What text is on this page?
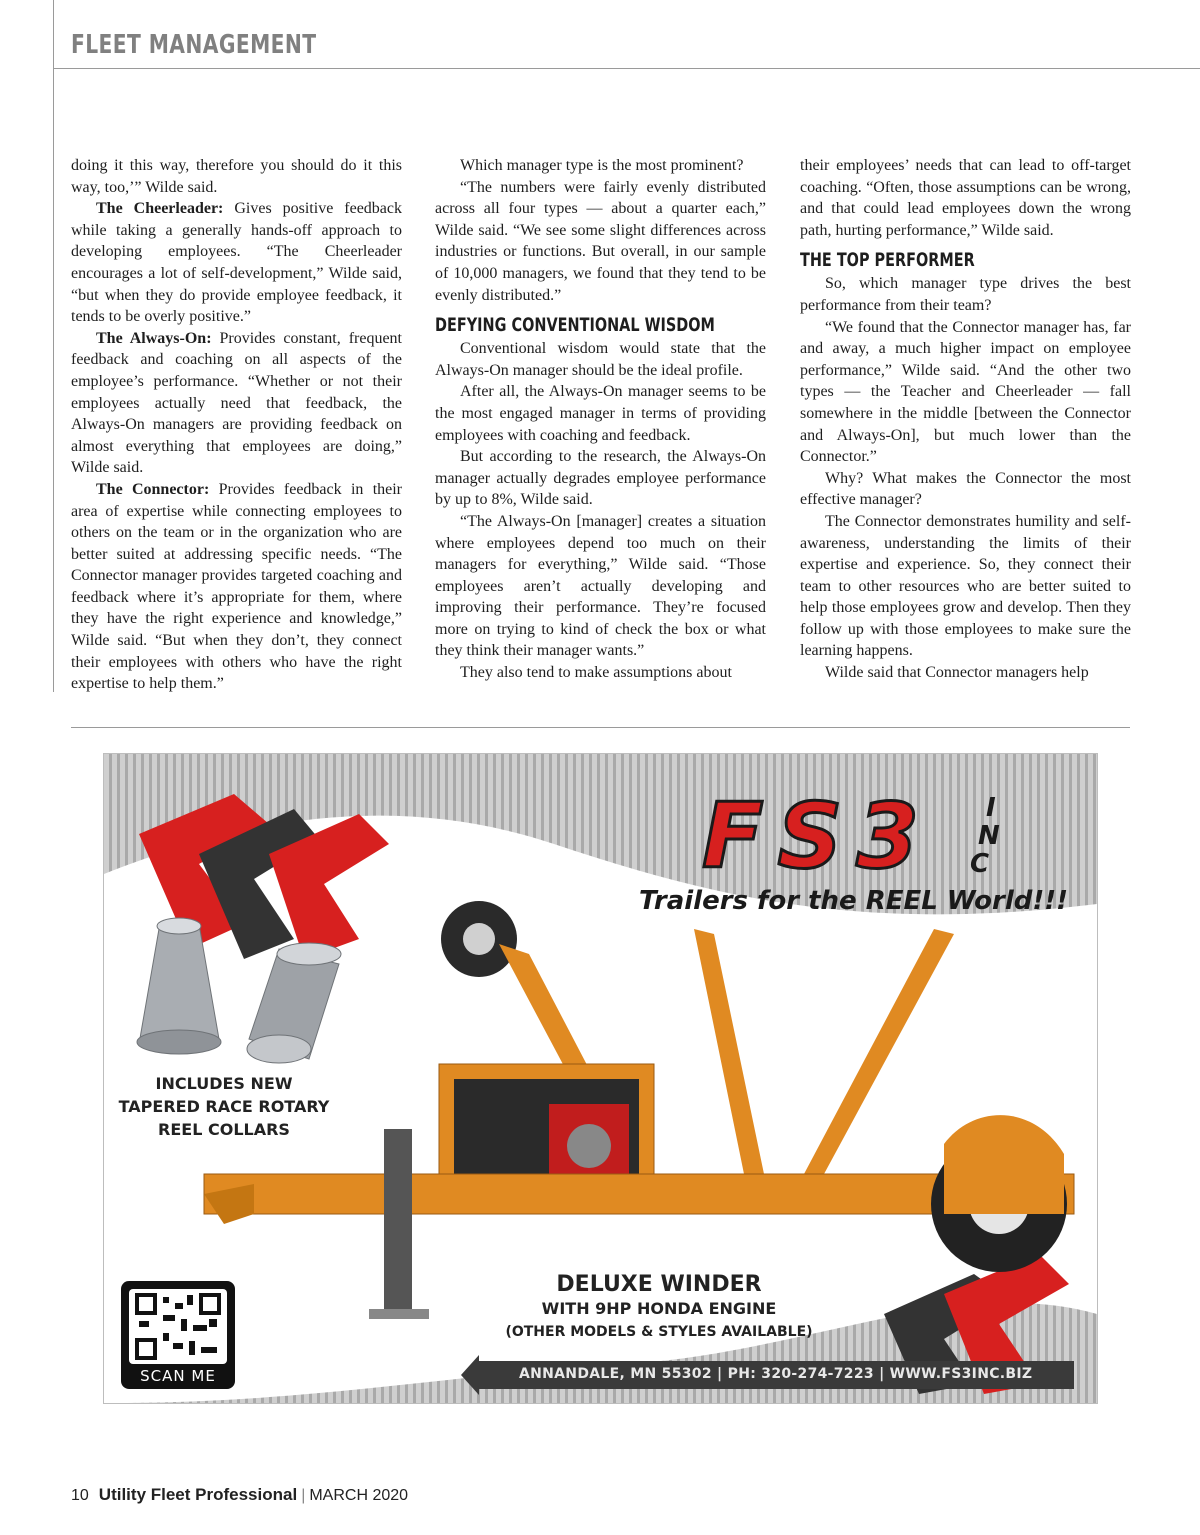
FLEET MANAGEMENT

doing it this way, therefore you should do it this way, too,’” Wilde said.

The Cheerleader: Gives positive feedback while taking a generally hands-off approach to developing employees. “The Cheerleader encourages a lot of self-development,” Wilde said, “but when they do provide employee feedback, it tends to be overly positive.”

The Always-On: Provides constant, frequent feedback and coaching on all aspects of the employee’s performance. “Whether or not their employees actually need that feedback, the Always-On managers are providing feedback on almost everything that employees are doing,” Wilde said.

The Connector: Provides feedback in their area of expertise while connecting employees to others on the team or in the organization who are better suited at addressing specific needs. “The Connector manager provides targeted coaching and feedback where it’s appropriate for them, where they have the right experience and knowledge,” Wilde said. “But when they don’t, they connect their employees with others who have the right expertise to help them.”

Which manager type is the most prominent?

“The numbers were fairly evenly distributed across all four types — about a quarter each,” Wilde said. “We see some slight differences across industries or functions. But overall, in our sample of 10,000 managers, we found that they tend to be evenly distributed.”

DEFYING CONVENTIONAL WISDOM

Conventional wisdom would state that the Always-On manager should be the ideal profile.

After all, the Always-On manager seems to be the most engaged manager in terms of providing employees with coaching and feedback.

But according to the research, the Always-On manager actually degrades employee performance by up to 8%, Wilde said.

“The Always-On [manager] creates a situation where employees depend too much on their managers for everything,” Wilde said. “Those employees aren’t actually developing and improving their performance. They’re focused more on trying to kind of check the box or what they think their manager wants.”

They also tend to make assumptions about

their employees’ needs that can lead to off-target coaching. “Often, those assumptions can be wrong, and that could lead employees down the wrong path, hurting performance,” Wilde said.

THE TOP PERFORMER

So, which manager type drives the best performance from their team?

“We found that the Connector manager has, far and away, a much higher impact on employee performance,” Wilde said. “And the other two types — the Teacher and Cheerleader — fall somewhere in the middle [between the Connector and Always-On], but much lower than the Connector.”

Why? What makes the Connector the most effective manager?

The Connector demonstrates humility and self-awareness, understanding the limits of their expertise and experience. So, they connect their team to other resources who are better suited to help those employees grow and develop. Then they follow up with those employees to make sure the learning happens.

Wilde said that Connector managers help

FS3 I
N
C
Trailers for the REEL World!!!
INCLUDES NEW
TAPERED RACE ROTARY
REEL COLLARS
DELUXE WINDER
WITH 9HP HONDA ENGINE
(OTHER MODELS & STYLES AVAILABLE)
SCAN ME	ANNANDALE, MN 55302 | PH: 320-274-7223 | WWW.FS3INC.BIZ
10 Utility Fleet Professional | MARCH 2020
